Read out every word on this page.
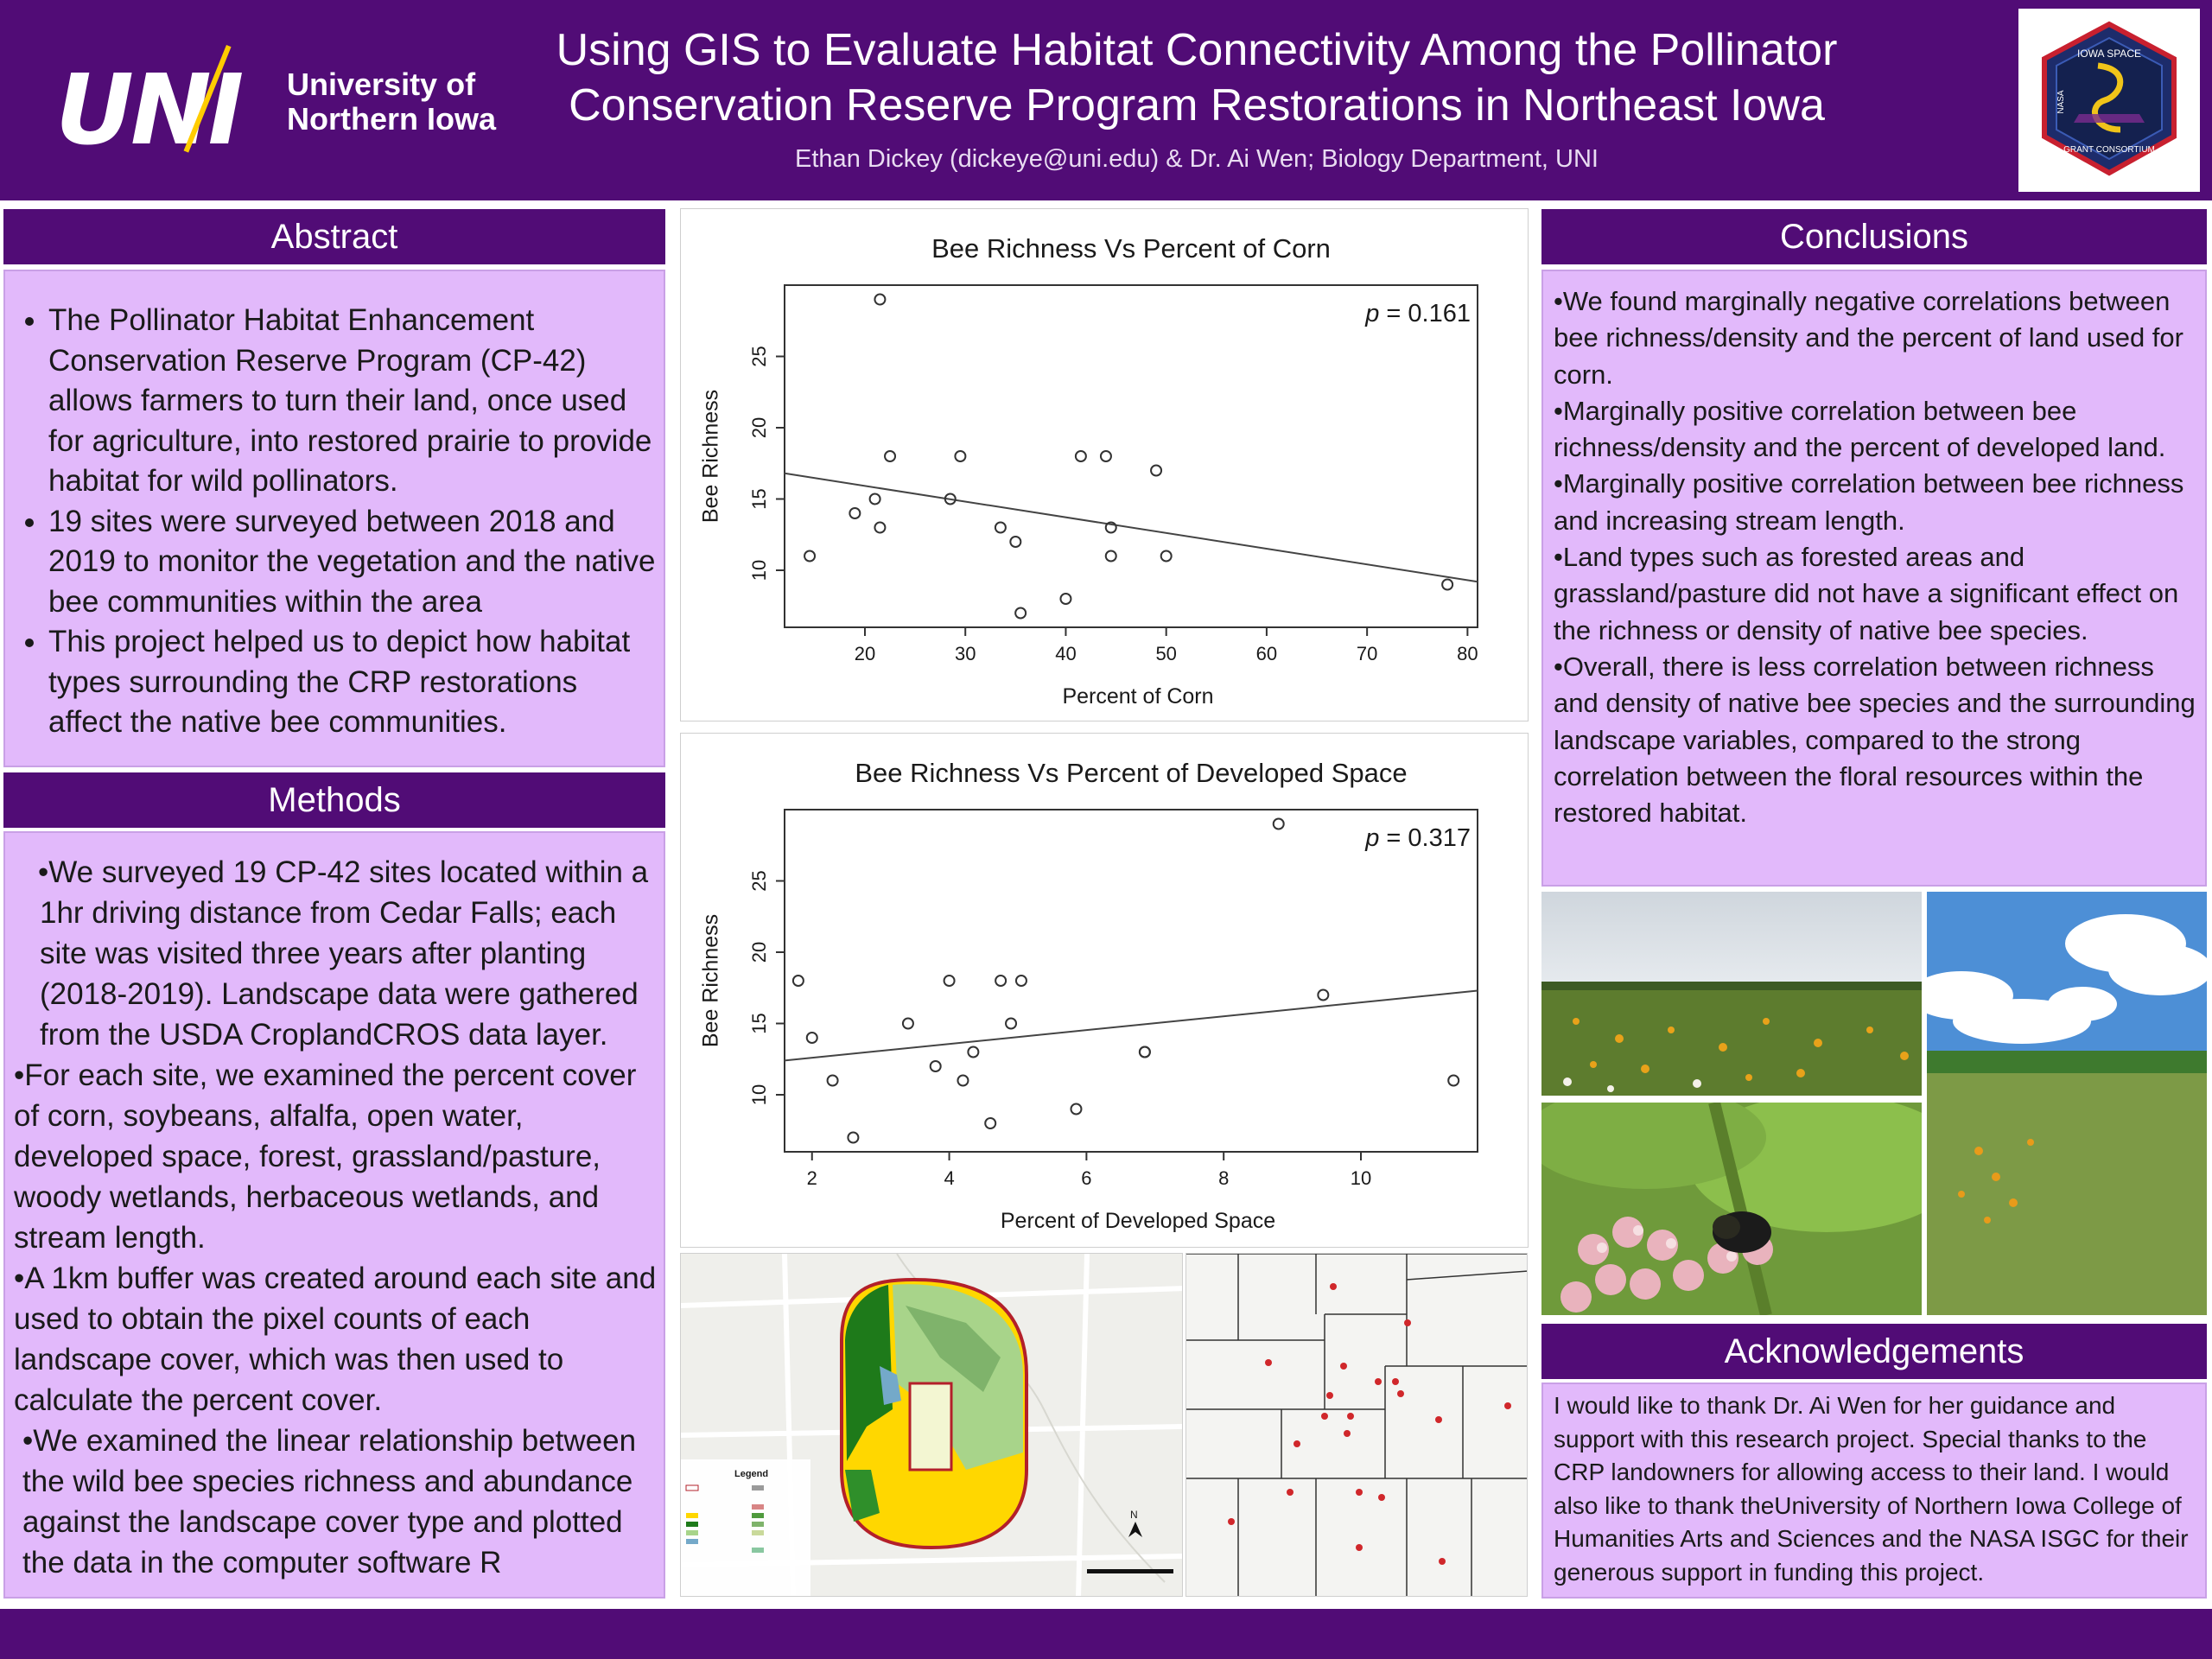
UNI University of
Northern Iowa
Using GIS to Evaluate Habitat Connectivity Among the Pollinator
Conservation Reserve Program Restorations in Northeast Iowa
Ethan Dickey (dickeye@uni.edu) & Dr. Ai Wen; Biology Department, UNI
IOWA SPACE
NASA
GRANT CONSORTIUM
Abstract
• The Pollinator Habitat Enhancement Conservation Reserve Program (CP-42) allows farmers to turn their land, once used for agriculture, into restored prairie to provide habitat for wild pollinators.
• 19 sites were surveyed between 2018 and 2019 to monitor the vegetation and the native bee communities within the area
• This project helped us to depict how habitat types surrounding the CRP restorations affect the native bee communities.
Methods
•We surveyed 19 CP-42 sites located within a 1hr driving distance from Cedar Falls; each site was visited three years after planting (2018-2019). Landscape data were gathered from the USDA CroplandCROS data layer.
•For each site, we examined the percent cover of corn, soybeans, alfalfa, open water, developed space, forest, grassland/pasture, woody wetlands, herbaceous wetlands, and stream length.
•A 1km buffer was created around each site and used to obtain the pixel counts of each landscape cover, which was then used to calculate the percent cover.
•We examined the linear relationship between the wild bee species richness and abundance against the landscape cover type and plotted the data in the computer software R
Bee Richness Vs Percent of Corn
20	30	40	50	60	70	80
10
15
20
25
Percent of Corn
Bee Richness
p = 0.161
Bee Richness Vs Percent of Developed Space
2	4	6	8	10
10
15
20
25
Percent of Developed Space
Bee Richness
p = 0.317
Legend
N
Conclusions

•We found marginally negative correlations between bee richness/density and the percent of land used for corn.

•Marginally positive correlation between bee richness/density and the percent of developed land.

•Marginally positive correlation between bee richness and increasing stream length.

•Land types such as forested areas and grassland/pasture did not have a significant effect on the richness or density of native bee species.

•Overall, there is less correlation between richness and density of native bee species and the surrounding landscape variables, compared to the strong correlation between the floral resources within the restored habitat.

Acknowledgements
I would like to thank Dr. Ai Wen for her guidance and support with this research project. Special thanks to the CRP landowners for allowing access to their land. I would also like to thank theUniversity of Northern Iowa College of Humanities Arts and Sciences and the NASA ISGC for their generous support in funding this project.
